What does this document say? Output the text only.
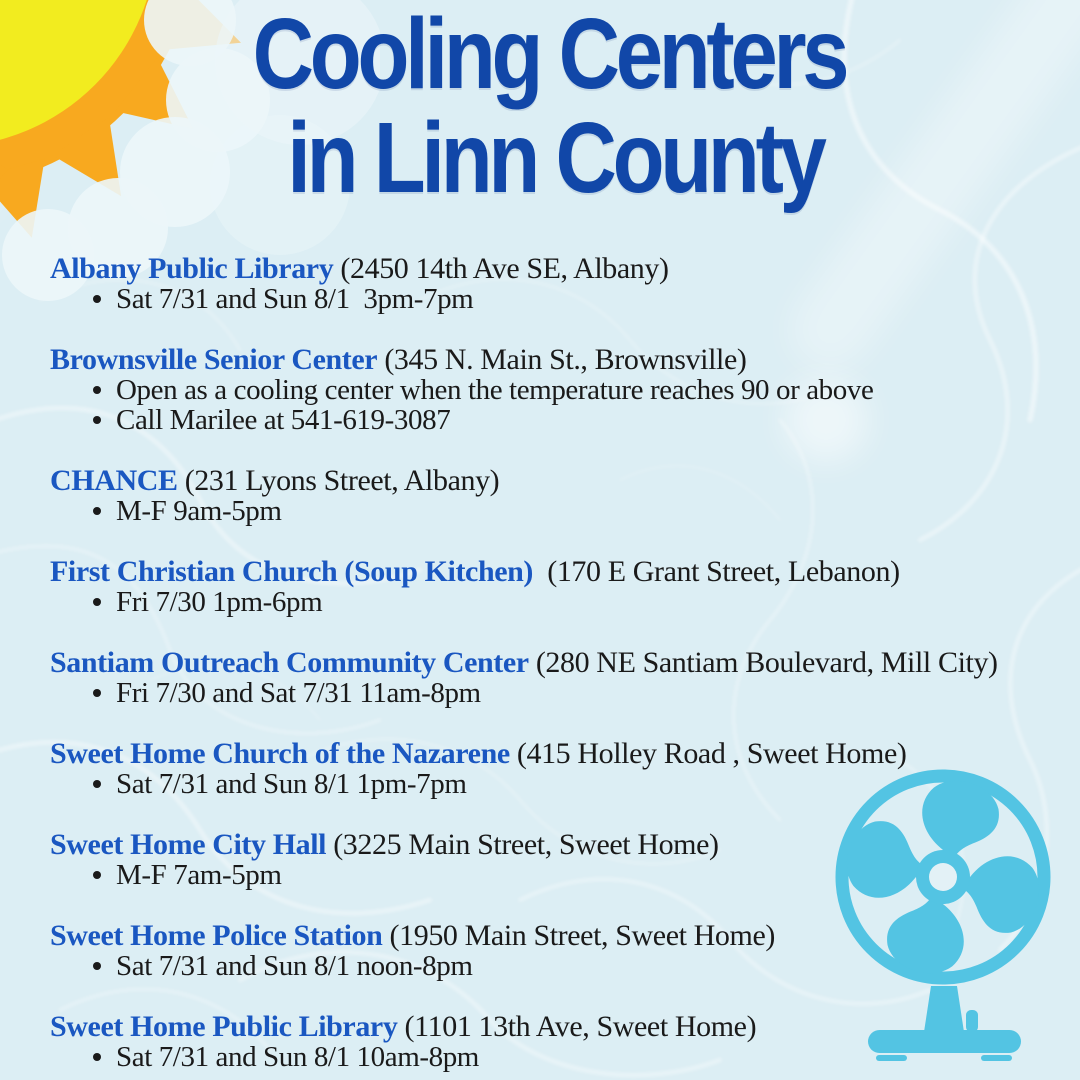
Cooling Centers
in Linn County
Albany Public Library (2450 14th Ave SE, Albany)
Sat 7/31 and Sun 8/1  3pm-7pm
Brownsville Senior Center (345 N. Main St., Brownsville)
Open as a cooling center when the temperature reaches 90 or above
Call Marilee at 541-619-3087
CHANCE (231 Lyons Street, Albany)
M-F 9am-5pm
First Christian Church (Soup Kitchen)  (170 E Grant Street, Lebanon)
Fri 7/30 1pm-6pm
Santiam Outreach Community Center (280 NE Santiam Boulevard, Mill City)
Fri 7/30 and Sat 7/31 11am-8pm
Sweet Home Church of the Nazarene (415 Holley Road , Sweet Home)
Sat 7/31 and Sun 8/1 1pm-7pm
Sweet Home City Hall (3225 Main Street, Sweet Home)
M-F 7am-5pm
Sweet Home Police Station (1950 Main Street, Sweet Home)
Sat 7/31 and Sun 8/1 noon-8pm
Sweet Home Public Library (1101 13th Ave, Sweet Home)
Sat 7/31 and Sun 8/1 10am-8pm
